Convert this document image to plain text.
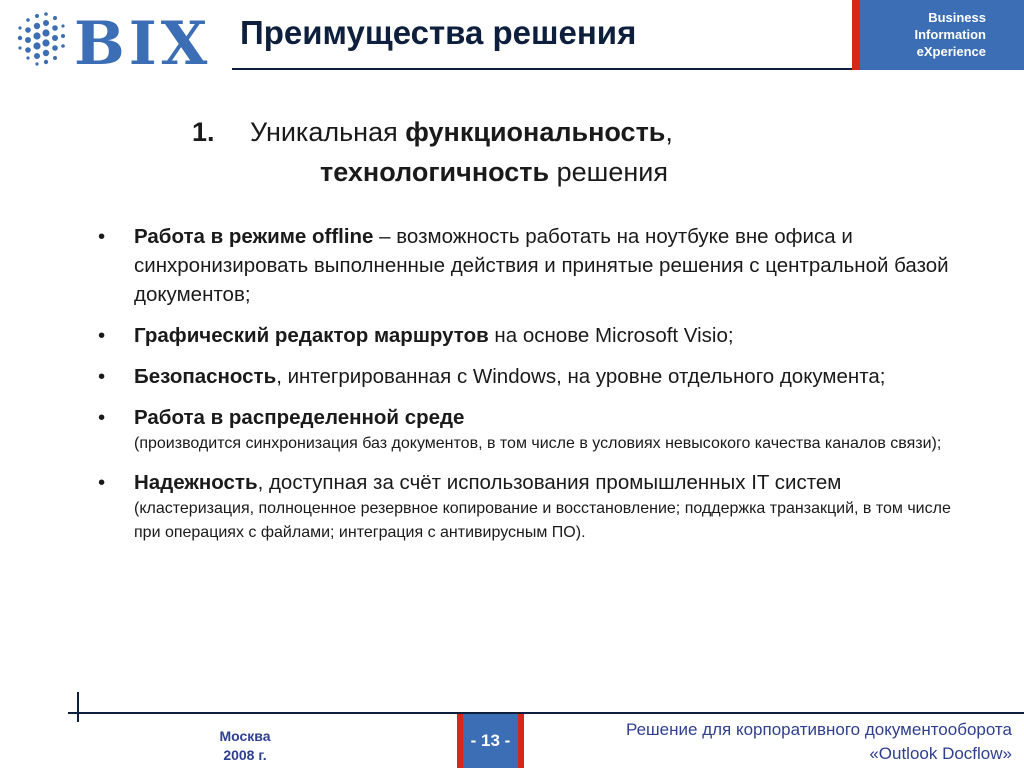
BIX Преимущества решения	Business
Information
eXperience
1. Уникальная функциональность,
технологичность решения
• Работа в режиме offline – возможность работать на ноутбуке вне офиса и синхронизировать выполненные действия и принятые решения с центральной базой документов;
• Графический редактор маршрутов на основе Microsoft Visio;
• Безопасность, интегрированная с Windows, на уровне отдельного документа;
• Работа в распределенной среде
(производится синхронизация баз документов, в том числе в условиях невысокого качества каналов связи);
• Надежность, доступная за счёт использования промышленных IT систем
(кластеризация, полноценное резервное копирование и восстановление; поддержка транзакций, в том числе при операциях с файлами; интеграция с антивирусным ПО).
Москва
2008 г.
- 13 -
Решение для корпоративного документооборота
«Outlook Docflow»
